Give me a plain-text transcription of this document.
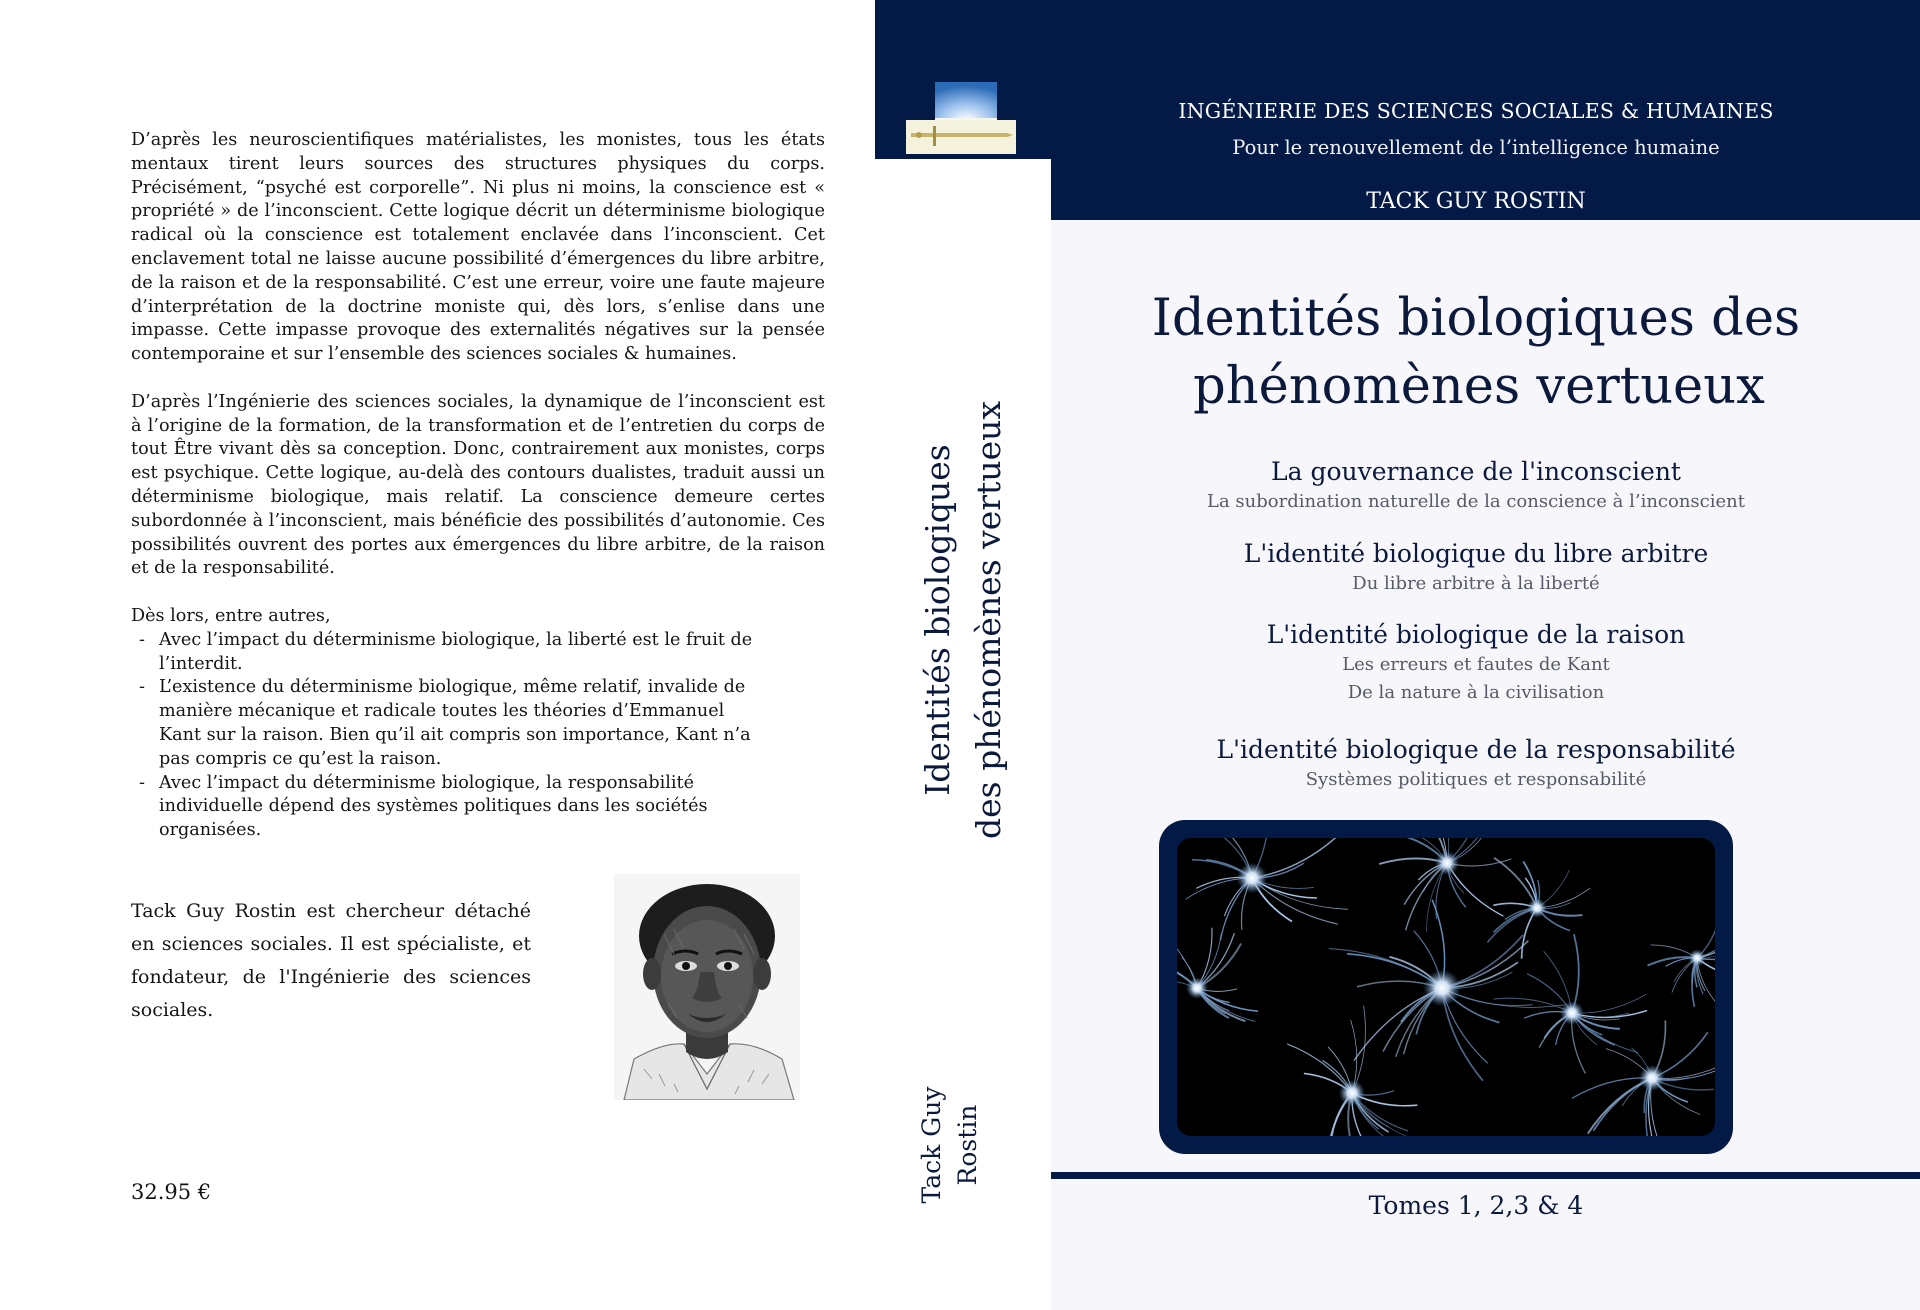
D’après les neuroscientifiques matérialistes, les monistes, tous les états mentaux tirent leurs sources des structures physiques du corps. Précisément, “psyché est corporelle”. Ni plus ni moins, la conscience est « propriété » de l’inconscient. Cette logique décrit un déterminisme biologique radical où la conscience est totalement enclavée dans l’inconscient. Cet enclavement total ne laisse aucune possibilité d’émergences du libre arbitre, de la raison et de la responsabilité. C’est une erreur, voire une faute majeure d’interprétation de la doctrine moniste qui, dès lors, s’enlise dans une impasse. Cette impasse provoque des externalités négatives sur la pensée contemporaine et sur l’ensemble des sciences sociales & humaines.

D’après l’Ingénierie des sciences sociales, la dynamique de l’inconscient est à l’origine de la formation, de la transformation et de l’entretien du corps de tout Être vivant dès sa conception. Donc, contrairement aux monistes, corps est psychique. Cette logique, au-delà des contours dualistes, traduit aussi un déterminisme biologique, mais relatif. La conscience demeure certes subordonnée à l’inconscient, mais bénéficie des possibilités d’autonomie. Ces possibilités ouvrent des portes aux émergences du libre arbitre, de la raison et de la responsabilité.

Dès lors, entre autres,

- Avec l’impact du déterminisme biologique, la liberté est le fruit de l’interdit.
- L’existence du déterminisme biologique, même relatif, invalide de manière mécanique et radicale toutes les théories d’Emmanuel Kant sur la raison. Bien qu’il ait compris son importance, Kant n’a pas compris ce qu’est la raison.
- Avec l’impact du déterminisme biologique, la responsabilité individuelle dépend des systèmes politiques dans les sociétés organisées.

Tack Guy Rostin est chercheur détaché en sciences sociales. Il est spécialiste, et fondateur, de l'Ingénierie des sciences sociales.

32.95 €
Identités biologiques des phénomènes vertueux
Tack Guy Rostin
INGÉNIERIE DES SCIENCES SOCIALES & HUMAINES
Pour le renouvellement de l’intelligence humaine
TACK GUY ROSTIN
Identités biologiques des
phénomènes vertueux
La gouvernance de l'inconscient
La subordination naturelle de la conscience à l’inconscient
L'identité biologique du libre arbitre
Du libre arbitre à la liberté
L'identité biologique de la raison
Les erreurs et fautes de Kant
De la nature à la civilisation
L'identité biologique de la responsabilité
Systèmes politiques et responsabilité
Tomes 1, 2,3 & 4
